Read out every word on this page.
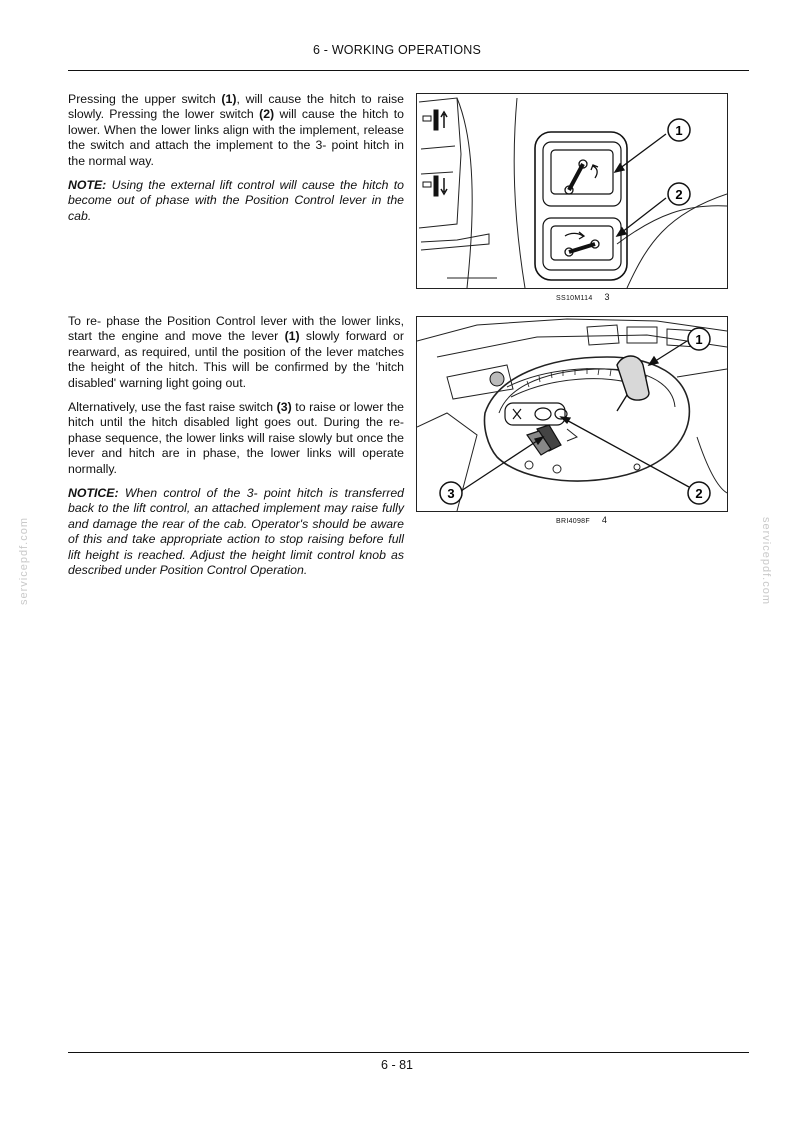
6 - WORKING OPERATIONS

Pressing the upper switch (1), will cause the hitch to raise slowly. Pressing the lower switch (2) will cause the hitch to lower. When the lower links align with the implement, release the switch and attach the implement to the 3- point hitch in the normal way.

NOTE: Using the external lift control will cause the hitch to become out of phase with the Position Control lever in the cab.

1
2
SS10M114 3

To re- phase the Position Control lever with the lower links, start the engine and move the lever (1) slowly forward or rearward, as required, until the position of the lever matches the height of the hitch. This will be confirmed by the 'hitch disabled' warning light going out.

Alternatively, use the fast raise switch (3) to raise or lower the hitch until the hitch disabled light goes out. During the re- phase sequence, the lower links will raise slowly but once the lever and hitch are in phase, the lower links will operate normally.

NOTICE: When control of the 3- point hitch is transferred back to the lift control, an attached implement may raise fully and damage the rear of the cab. Operator's should be aware of this and take appropriate action to stop raising before full lift height is reached. Adjust the height limit control knob as described under Position Control Operation.

1
2
3
BRI4098F 4
servicepdf.com	servicepdf.com
6 - 81
